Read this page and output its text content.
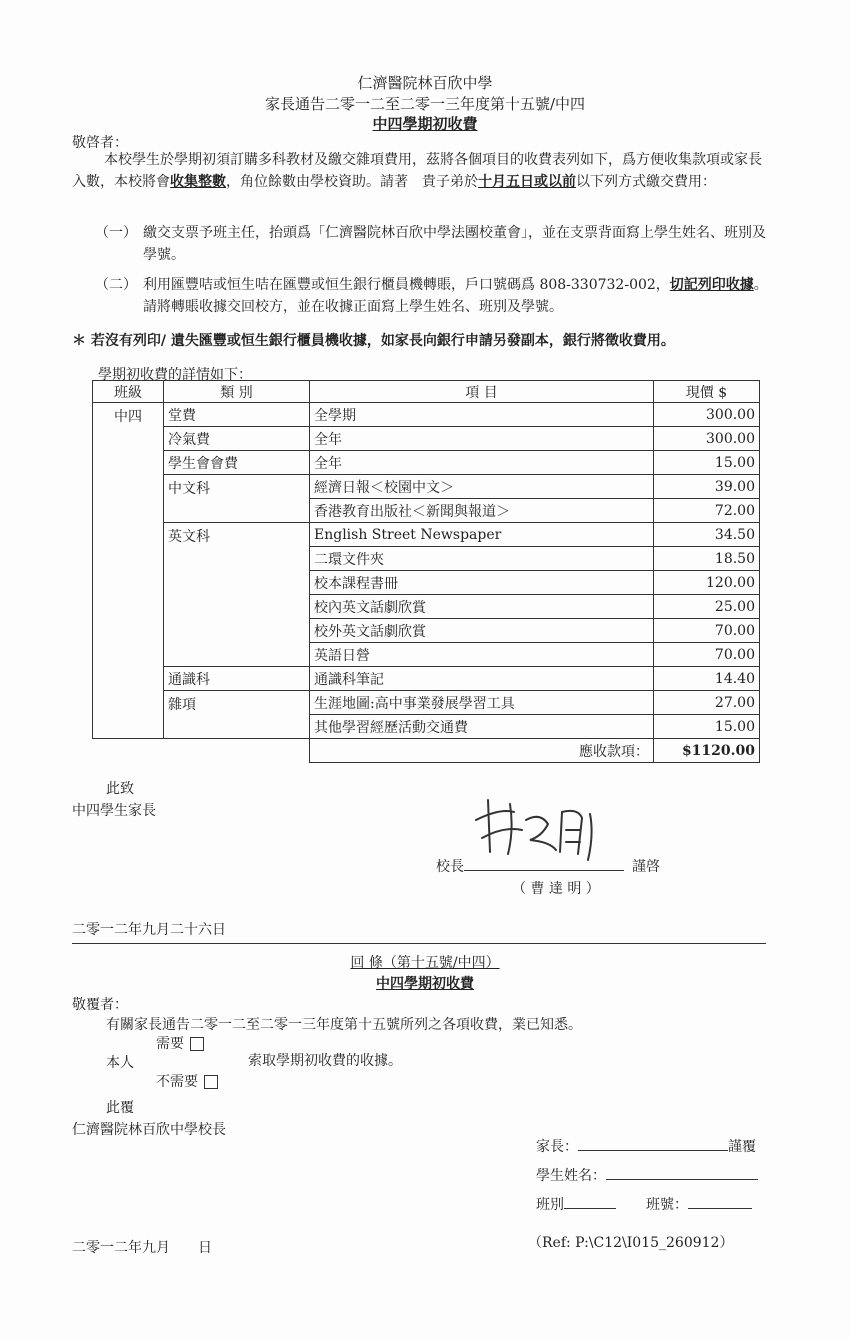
仁濟醫院林百欣中學
家長通告二零一二至二零一三年度第十五號/中四
中四學期初收費
敬啓者：
本校學生於學期初須訂購多科教材及繳交雜項費用，茲將各個項目的收費表列如下，爲方便收集款項或家長入數，本校將會收集整數，角位餘數由學校資助。請著　貴子弟於十月五日或以前以下列方式繳交費用：
（一） 繳交支票予班主任，抬頭爲「仁濟醫院林百欣中學法團校董會」，並在支票背面寫上學生姓名、班別及學號。
（二） 利用匯豐咭或恒生咭在匯豐或恒生銀行櫃員機轉賬，戶口號碼爲 808-330732-002，切記列印收據。請將轉賬收據交回校方，並在收據正面寫上學生姓名、班別及學號。
＊ 若沒有列印/ 遺失匯豐或恒生銀行櫃員機收據，如家長向銀行申請另發副本，銀行將徵收費用。
學期初收費的詳情如下：
班級	類 別	項 目	現價 $
中四	堂費	全學期	300.00
	冷氣費	全年	300.00
	學生會會費	全年	15.00
	中文科	經濟日報＜校園中文＞	39.00
		香港教育出版社＜新聞與報道＞	72.00
	英文科	English Street Newspaper	34.50
		二環文件夾	18.50
		校本課程書冊	120.00
		校內英文話劇欣賞	25.00
		校外英文話劇欣賞	70.00
		英語日營	70.00
	通識科	通識科筆記	14.40
	雜項	生涯地圖:高中事業發展學習工具	27.00
		其他學習經歷活動交通費	15.00
		應收款項：	$1120.00
此致
中四學生家長
校長	謹啓
（ 曹 達 明 ）
二零一二年九月二十六日
回 條（第十五號/中四）
中四學期初收費
敬覆者：
有關家長通告二零一二至二零一三年度第十五號所列之各項收費，業已知悉。
需要
本人	索取學期初收費的收據。
不需要
此覆
仁濟醫院林百欣中學校長
家長：	謹覆
學生姓名：
班別	班號：
二零一二年九月　　日	（Ref: P:\C12\I015_260912）
